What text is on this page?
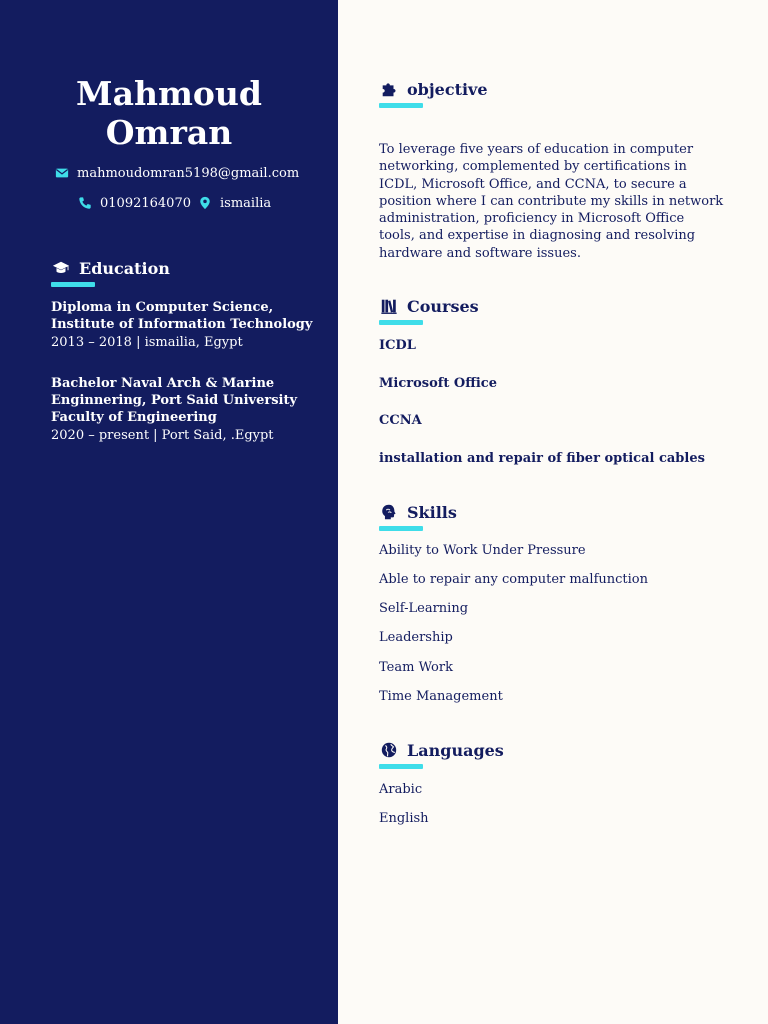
Mahmoud
Omran
mahmoudomran5198@gmail.com
01092164070 ismailia
Education
Diploma in Computer Science,
Institute of Information Technology
2013 – 2018 | ismailia, Egypt
Bachelor Naval Arch & Marine
Enginnering, Port Said University
Faculty of Engineering
2020 – present | Port Said, .Egypt
objective
To leverage five years of education in computer networking, complemented by certifications in ICDL, Microsoft Office, and CCNA, to secure a position where I can contribute my skills in network administration, proficiency in Microsoft Office tools, and expertise in diagnosing and resolving hardware and software issues.
Courses
ICDL
Microsoft Office
CCNA
installation and repair of fiber optical cables
Skills
Ability to Work Under Pressure
Able to repair any computer malfunction
Self-Learning
Leadership
Team Work
Time Management
Languages
Arabic
English
